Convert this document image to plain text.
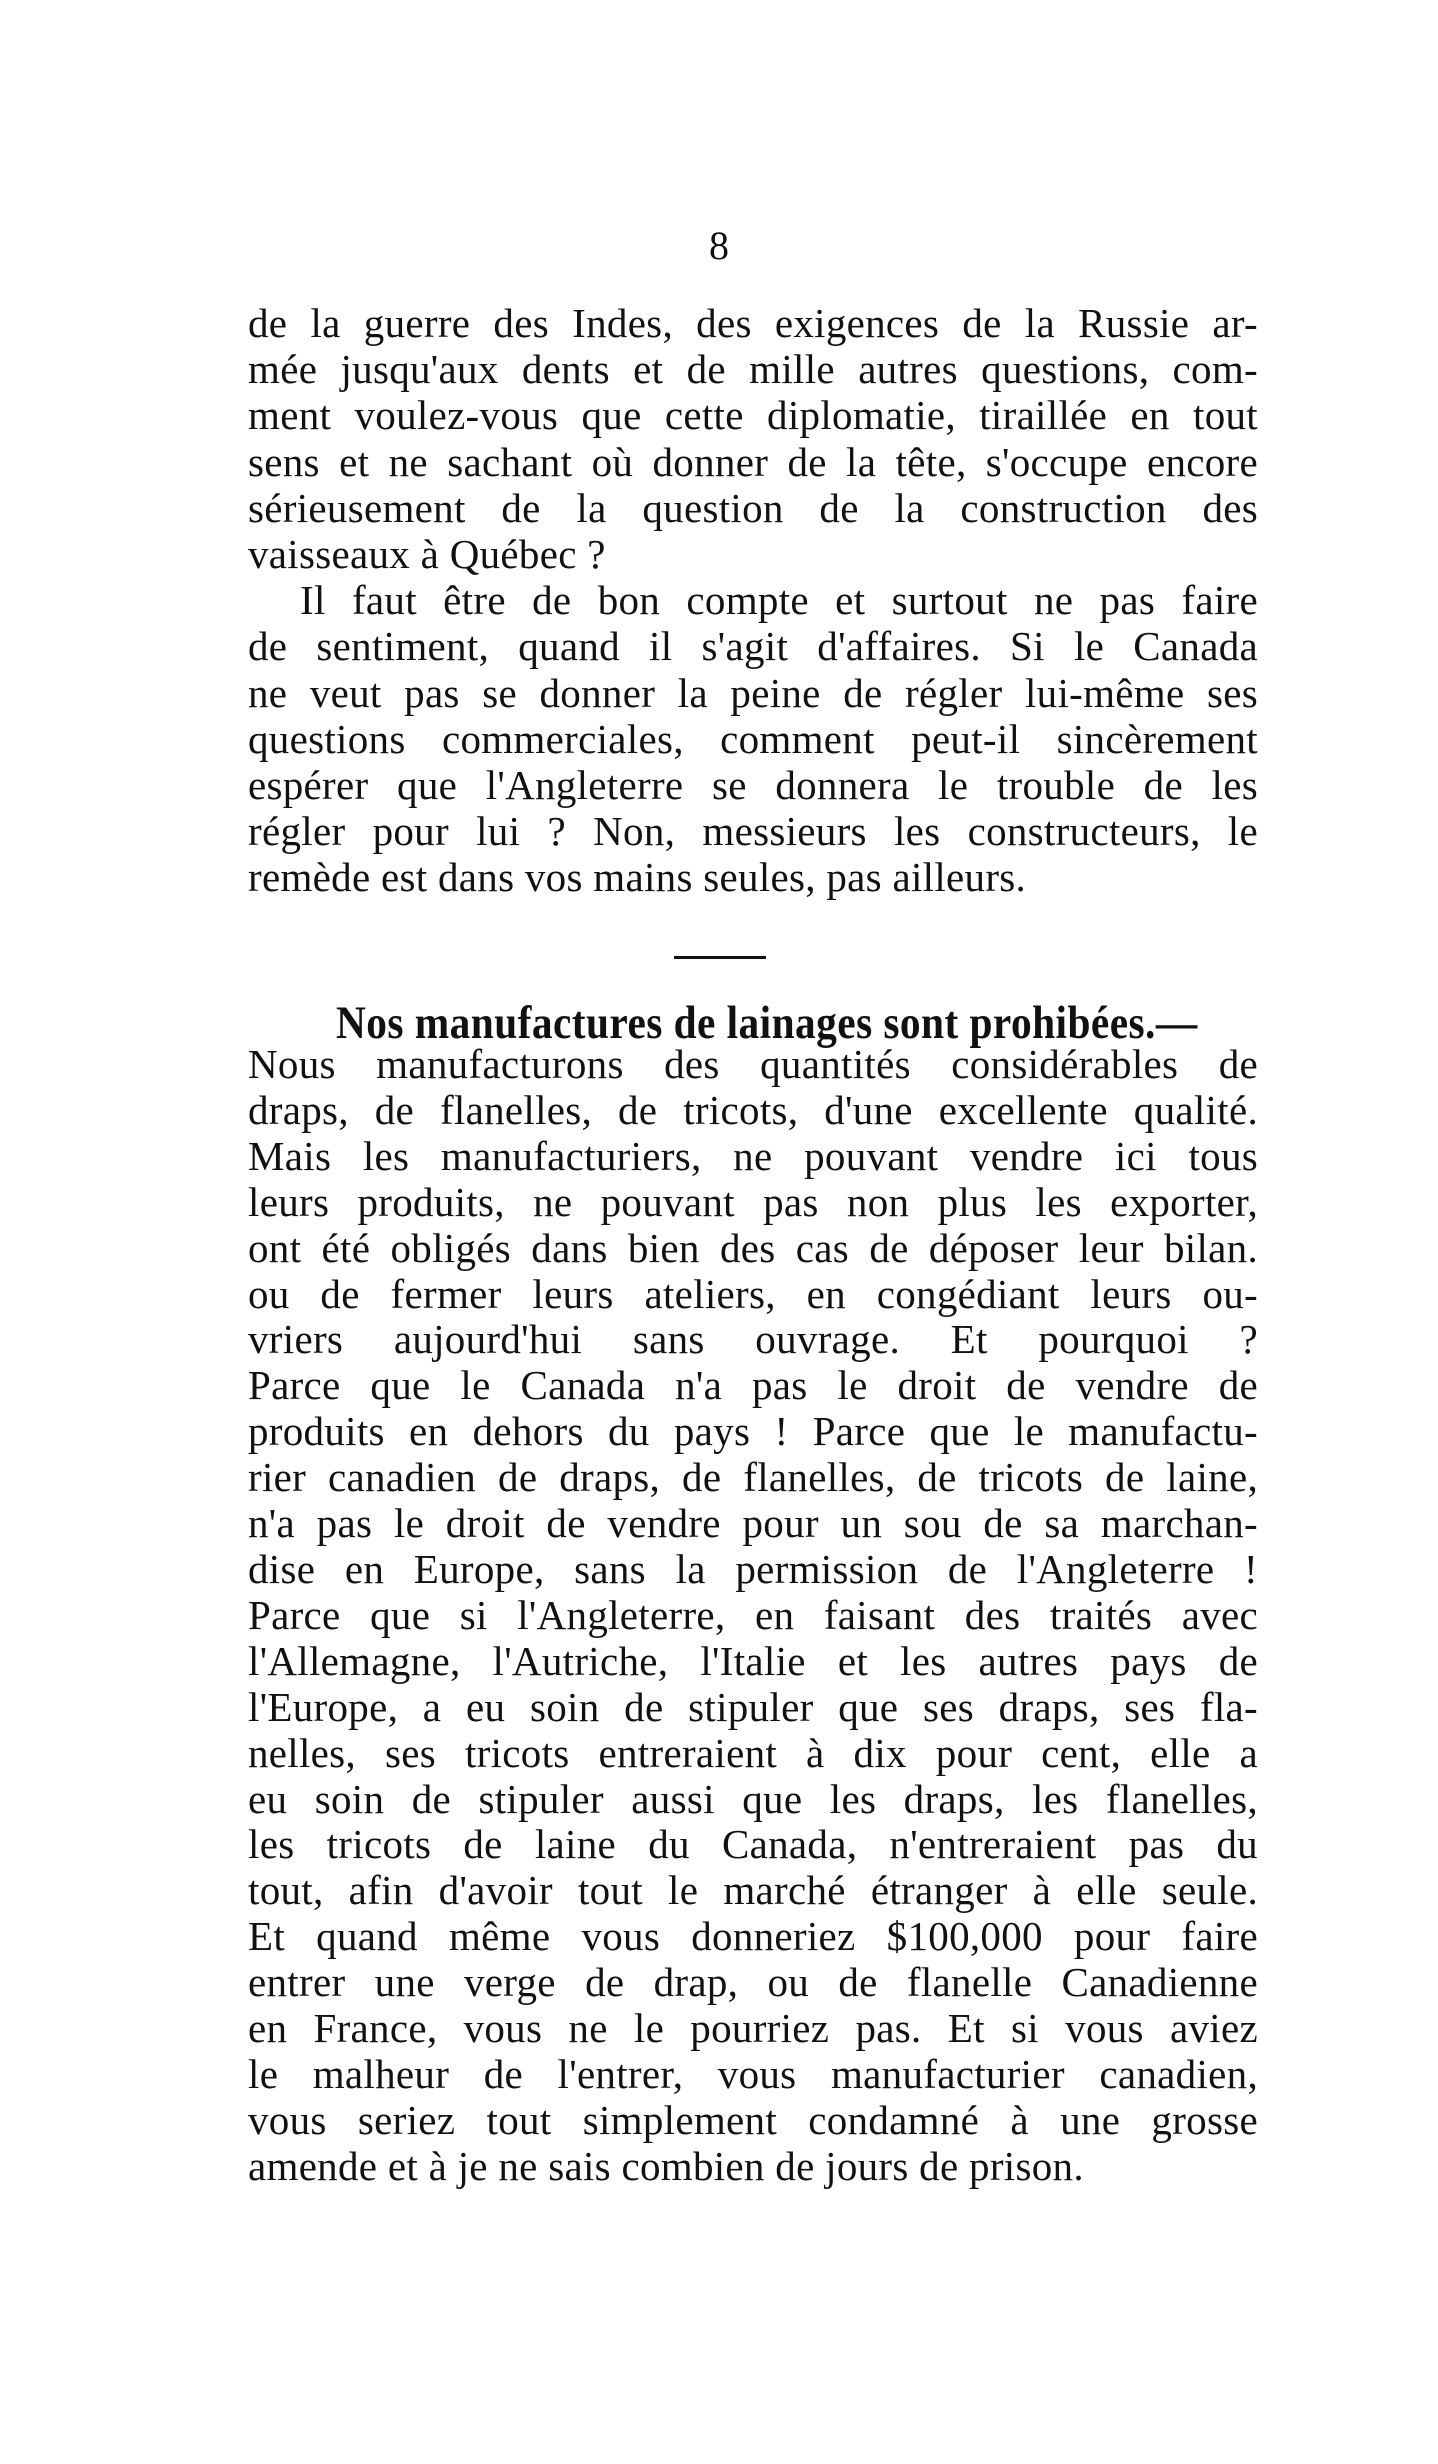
8
de la guerre des Indes, des exigences de la Russie ar-
mée jusqu'aux dents et de mille autres questions, com-
ment voulez-vous que cette diplomatie, tiraillée en tout
sens et ne sachant où donner de la tête, s'occupe encore
sérieusement de la question de la construction des
vaisseaux à Québec ?
Il faut être de bon compte et surtout ne pas faire
de sentiment, quand il s'agit d'affaires. Si le Canada
ne veut pas se donner la peine de régler lui-même ses
questions commerciales, comment peut-il sincèrement
espérer que l'Angleterre se donnera le trouble de les
régler pour lui ? Non, messieurs les constructeurs, le
remède est dans vos mains seules, pas ailleurs.
Nos manufactures de lainages sont prohibées.—
Nous manufacturons des quantités considérables de
draps, de flanelles, de tricots, d'une excellente qualité.
Mais les manufacturiers, ne pouvant vendre ici tous
leurs produits, ne pouvant pas non plus les exporter,
ont été obligés dans bien des cas de déposer leur bilan.
ou de fermer leurs ateliers, en congédiant leurs ou-
vriers aujourd'hui sans ouvrage. Et pourquoi ?
Parce que le Canada n'a pas le droit de vendre de
produits en dehors du pays ! Parce que le manufactu-
rier canadien de draps, de flanelles, de tricots de laine,
n'a pas le droit de vendre pour un sou de sa marchan-
dise en Europe, sans la permission de l'Angleterre !
Parce que si l'Angleterre, en faisant des traités avec
l'Allemagne, l'Autriche, l'Italie et les autres pays de
l'Europe, a eu soin de stipuler que ses draps, ses fla-
nelles, ses tricots entreraient à dix pour cent, elle a
eu soin de stipuler aussi que les draps, les flanelles,
les tricots de laine du Canada, n'entreraient pas du
tout, afin d'avoir tout le marché étranger à elle seule.
Et quand même vous donneriez $100,000 pour faire
entrer une verge de drap, ou de flanelle Canadienne
en France, vous ne le pourriez pas. Et si vous aviez
le malheur de l'entrer, vous manufacturier canadien,
vous seriez tout simplement condamné à une grosse
amende et à je ne sais combien de jours de prison.
